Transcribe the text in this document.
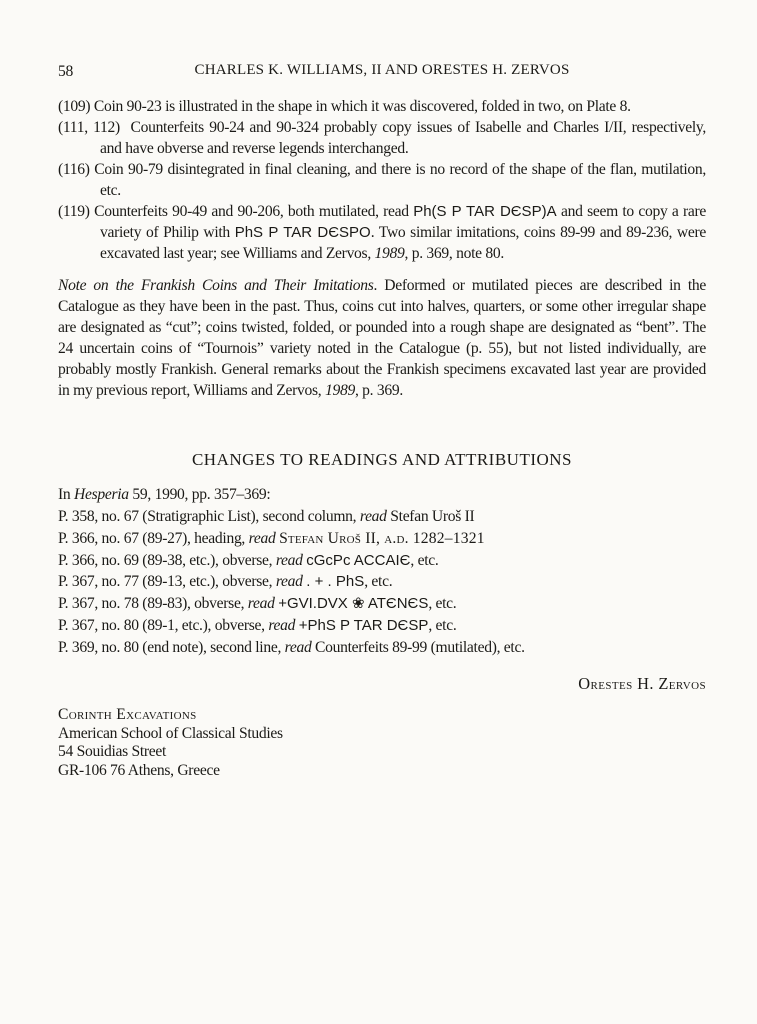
58	CHARLES K. WILLIAMS, II AND ORESTES H. ZERVOS
(109) Coin 90-23 is illustrated in the shape in which it was discovered, folded in two, on Plate 8.
(111, 112)  Counterfeits 90-24 and 90-324 probably copy issues of Isabelle and Charles I/II, respectively, and have obverse and reverse legends interchanged.
(116) Coin 90-79 disintegrated in final cleaning, and there is no record of the shape of the flan, mutilation, etc.
(119) Counterfeits 90-49 and 90-206, both mutilated, read Ph(S P TAR DЄSP)A and seem to copy a rare variety of Philip with PhS P TAR DЄSPO. Two similar imitations, coins 89-99 and 89-236, were excavated last year; see Williams and Zervos, 1989, p. 369, note 80.
Note on the Frankish Coins and Their Imitations. Deformed or mutilated pieces are described in the Catalogue as they have been in the past. Thus, coins cut into halves, quarters, or some other irregular shape are designated as “cut”; coins twisted, folded, or pounded into a rough shape are designated as “bent”. The 24 uncertain coins of “Tournois” variety noted in the Catalogue (p. 55), but not listed individually, are probably mostly Frankish. General remarks about the Frankish specimens excavated last year are provided in my previous report, Williams and Zervos, 1989, p. 369.
CHANGES TO READINGS AND ATTRIBUTIONS
In Hesperia 59, 1990, pp. 357–369:
P. 358, no. 67 (Stratigraphic List), second column, read Stefan Uroš II
P. 366, no. 67 (89-27), heading, read Stefan Uroš II, a.d. 1282–1321
P. 366, no. 69 (89-38, etc.), obverse, read cGcPc ACCAIЄ, etc.
P. 367, no. 77 (89-13, etc.), obverse, read . + . PhS, etc.
P. 367, no. 78 (89-83), obverse, read +GVI.DVX ❀ ATЄNЄS, etc.
P. 367, no. 80 (89-1, etc.), obverse, read +PhS P TAR DЄSP, etc.
P. 369, no. 80 (end note), second line, read Counterfeits 89-99 (mutilated), etc.
Orestes H. Zervos
Corinth Excavations
American School of Classical Studies
54 Souidias Street
GR-106 76 Athens, Greece
